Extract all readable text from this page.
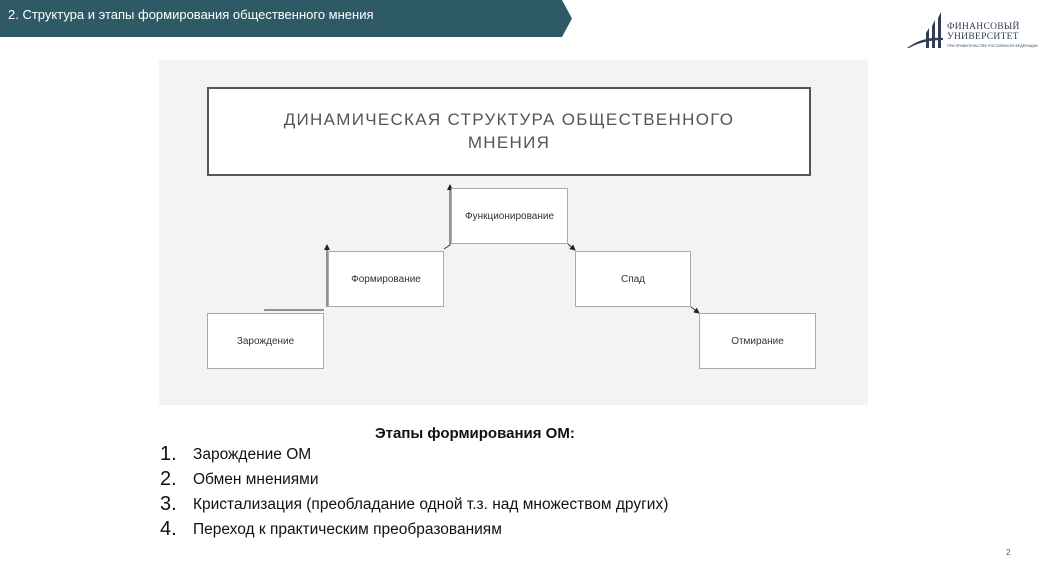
2. Структура и этапы формирования общественного мнения
ФИНАНСОВЫЙ
УНИВЕРСИТЕТ
ПРИ ПРАВИТЕЛЬСТВЕ РОССИЙСКОЙ ФЕДЕРАЦИИ
ДИНАМИЧЕСКАЯ СТРУКТУРА ОБЩЕСТВЕННОГО МНЕНИЯ
Зарождение
Формирование
Функционирование
Спад
Отмирание
Этапы формирования ОМ:
1. Зарождение ОМ
2. Обмен мнениями
3. Кристализация (преобладание одной т.з. над множеством других)
4. Переход к практическим преобразованиям
2
